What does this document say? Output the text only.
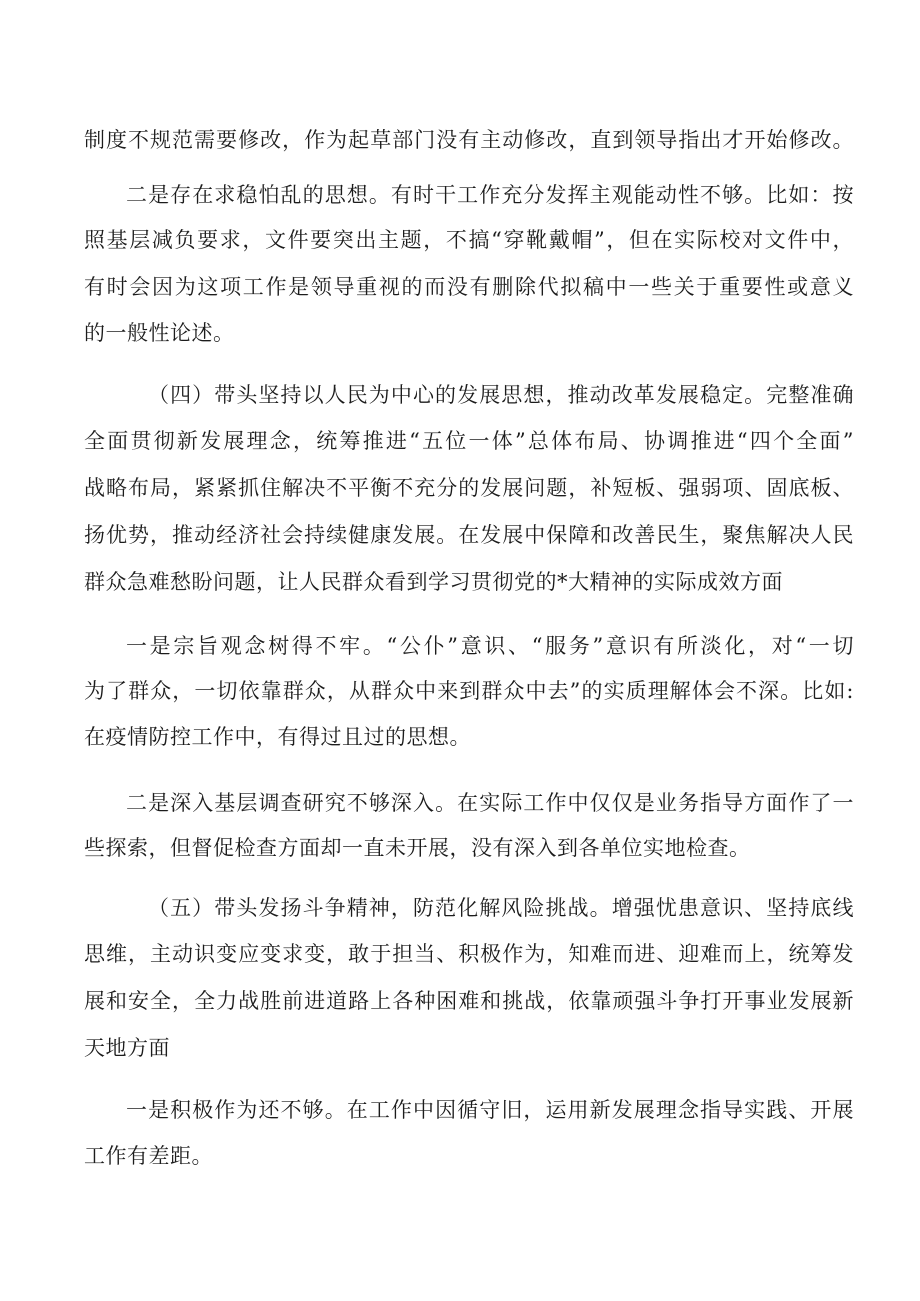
制度不规范需要修改，作为起草部门没有主动修改，直到领导指出才开始修改。
二是存在求稳怕乱的思想。有时干工作充分发挥主观能动性不够。比如：按
照基层减负要求，文件要突出主题，不搞“穿靴戴帽”，但在实际校对文件中，
有时会因为这项工作是领导重视的而没有删除代拟稿中一些关于重要性或意义
的一般性论述。
（四）带头坚持以人民为中心的发展思想，推动改革发展稳定。完整准确
全面贯彻新发展理念，统筹推进“五位一体”总体布局、协调推进“四个全面”
战略布局，紧紧抓住解决不平衡不充分的发展问题，补短板、强弱项、固底板、
扬优势，推动经济社会持续健康发展。在发展中保障和改善民生，聚焦解决人民
群众急难愁盼问题，让人民群众看到学习贯彻党的*大精神的实际成效方面
一是宗旨观念树得不牢。“公仆”意识、“服务”意识有所淡化，对“一切
为了群众，一切依靠群众，从群众中来到群众中去”的实质理解体会不深。比如:
在疫情防控工作中，有得过且过的思想。
二是深入基层调查研究不够深入。在实际工作中仅仅是业务指导方面作了一
些探索，但督促检查方面却一直未开展，没有深入到各单位实地检查。
（五）带头发扬斗争精神，防范化解风险挑战。增强忧患意识、坚持底线
思维，主动识变应变求变，敢于担当、积极作为，知难而进、迎难而上，统筹发
展和安全，全力战胜前进道路上各种困难和挑战，依靠顽强斗争打开事业发展新
天地方面
一是积极作为还不够。在工作中因循守旧，运用新发展理念指导实践、开展
工作有差距。
